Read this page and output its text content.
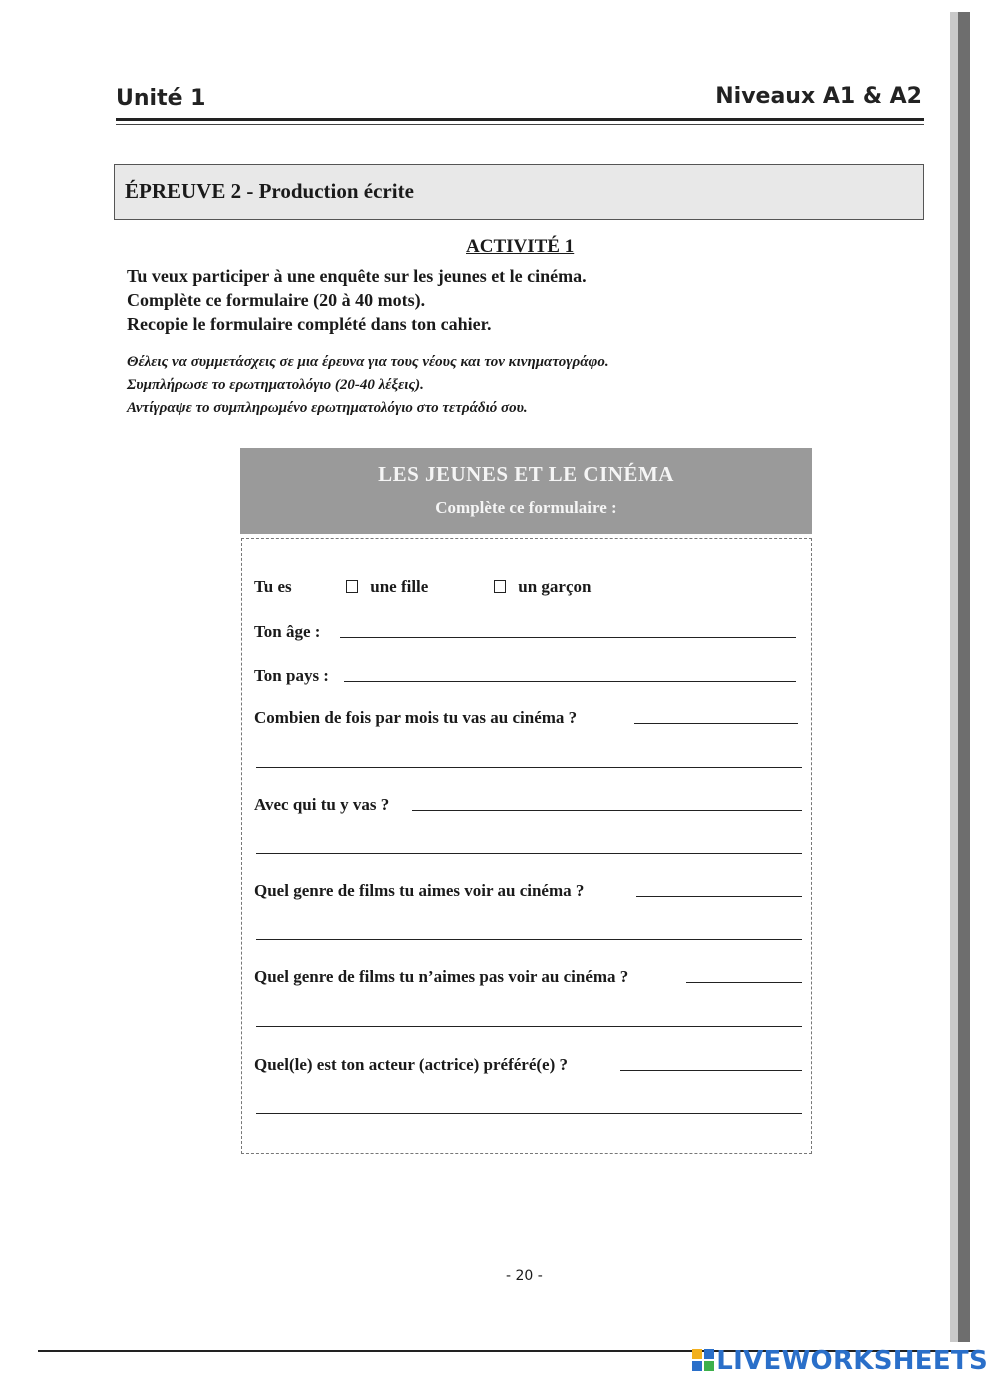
Unité 1	Niveaux A1 & A2
ÉPREUVE 2 - Production écrite
ACTIVITÉ 1
Tu veux participer à une enquête sur les jeunes et le cinéma.
Complète ce formulaire (20 à 40 mots).
Recopie le formulaire complété dans ton cahier.
Θέλεις να συμμετάσχεις σε μια έρευνα για τους νέους και τον κινηματογράφο.
Συμπλήρωσε το ερωτηματολόγιο (20-40 λέξεις).
Αντίγραψε το συμπληρωμένο ερωτηματολόγιο στο τετράδιό σου.
LES JEUNES ET LE CINÉMA
Complète ce formulaire :
Tu es	une fille	un garçon
Ton âge :
Ton pays :
Combien de fois par mois tu vas au cinéma ?
Avec qui tu y vas ?
Quel genre de films tu aimes voir au cinéma ?
Quel genre de films tu n’aimes pas voir au cinéma ?
Quel(le) est ton acteur (actrice) préféré(e) ?
- 20 -
LIVEWORKSHEETS
